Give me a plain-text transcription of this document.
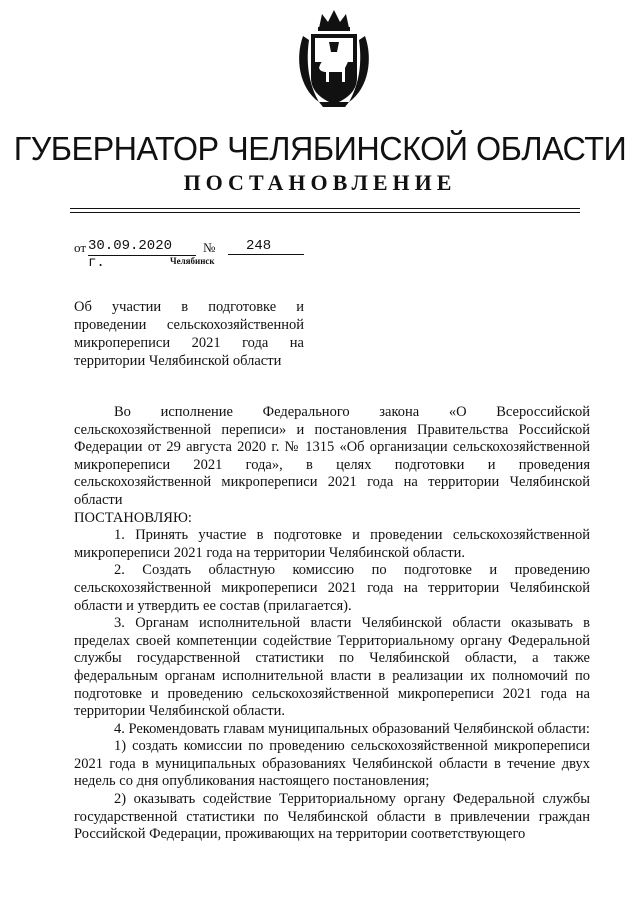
ГУБЕРНАТОР ЧЕЛЯБИНСКОЙ ОБЛАСТИ
ПОСТАНОВЛЕНИЕ
от 30.09.2020 г.
№	248
Челябинск
Об участии в подготовке и проведении сельскохозяйственной микропереписи 2021 года на территории Челябинской области

Во исполнение Федерального закона «О Всероссийской сельскохозяйственной переписи» и постановления Правительства Российской Федерации от 29 августа 2020 г. № 1315 «Об организации сельскохозяйственной микропереписи 2021 года», в целях подготовки и проведения сельскохозяйственной микропереписи 2021 года на территории Челябинской области

ПОСТАНОВЛЯЮ:

1. Принять участие в подготовке и проведении сельскохозяйственной микропереписи 2021 года на территории Челябинской области.

2. Создать областную комиссию по подготовке и проведению сельскохозяйственной микропереписи 2021 года на территории Челябинской области и утвердить ее состав (прилагается).

3. Органам исполнительной власти Челябинской области оказывать в пределах своей компетенции содействие Территориальному органу Федеральной службы государственной статистики по Челябинской области, а также федеральным органам исполнительной власти в реализации их полномочий по подготовке и проведению сельскохозяйственной микропереписи 2021 года на территории Челябинской области.

4. Рекомендовать главам муниципальных образований Челябинской области:

1) создать комиссии по проведению сельскохозяйственной микропереписи 2021 года в муниципальных образованиях Челябинской области в течение двух недель со дня опубликования настоящего постановления;

2) оказывать содействие Территориальному органу Федеральной службы государственной статистики по Челябинской области в привлечении граждан Российской Федерации, проживающих на территории соответствующего
